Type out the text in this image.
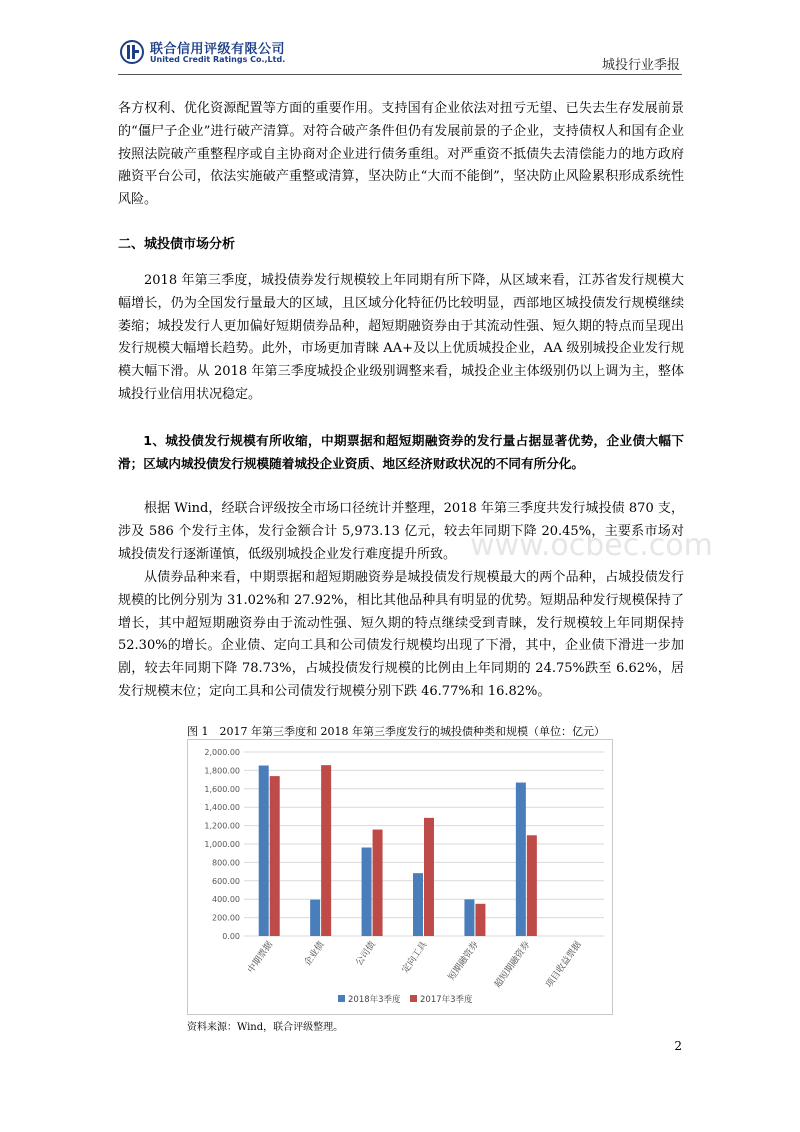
联合信用评级有限公司
United Credit Ratings Co.,Ltd.	城投行业季报
各方权利、优化资源配置等方面的重要作用。支持国有企业依法对扭亏无望、已失去生存发展前景的“僵尸子企业”进行破产清算。对符合破产条件但仍有发展前景的子企业，支持债权人和国有企业按照法院破产重整程序或自主协商对企业进行债务重组。对严重资不抵债失去清偿能力的地方政府融资平台公司，依法实施破产重整或清算，坚决防止“大而不能倒”，坚决防止风险累积形成系统性风险。
二、城投债市场分析
2018 年第三季度，城投债券发行规模较上年同期有所下降，从区域来看，江苏省发行规模大幅增长，仍为全国发行量最大的区域，且区域分化特征仍比较明显，西部地区城投债发行规模继续萎缩；城投发行人更加偏好短期债券品种，超短期融资券由于其流动性强、短久期的特点而呈现出发行规模大幅增长趋势。此外，市场更加青睐 AA+及以上优质城投企业，AA 级别城投企业发行规模大幅下滑。从 2018 年第三季度城投企业级别调整来看，城投企业主体级别仍以上调为主，整体城投行业信用状况稳定。
1、城投债发行规模有所收缩，中期票据和超短期融资券的发行量占据显著优势，企业债大幅下滑；区域内城投债发行规模随着城投企业资质、地区经济财政状况的不同有所分化。
www.ocbec.com
根据 Wind，经联合评级按全市场口径统计并整理，2018 年第三季度共发行城投债 870 支，涉及 586 个发行主体，发行金额合计 5,973.13 亿元，较去年同期下降 20.45%，主要系市场对城投债发行逐渐谨慎，低级别城投企业发行难度提升所致。
从债券品种来看，中期票据和超短期融资券是城投债发行规模最大的两个品种，占城投债发行规模的比例分别为 31.02%和 27.92%，相比其他品种具有明显的优势。短期品种发行规模保持了增长，其中超短期融资券由于流动性强、短久期的特点继续受到青睐，发行规模较上年同期保持 52.30%的增长。企业债、定向工具和公司债发行规模均出现了下滑，其中，企业债下滑进一步加剧，较去年同期下降 78.73%，占城投债发行规模的比例由上年同期的 24.75%跌至 6.62%，居发行规模末位；定向工具和公司债发行规模分别下跌 46.77%和 16.82%。
图 1　2017 年第三季度和 2018 年第三季度发行的城投债种类和规模（单位：亿元）
0.00
200.00
400.00
600.00
800.00
1,000.00
1,200.00
1,400.00
1,600.00
1,800.00
2,000.00
中期票据	企业债	公司债	定向工具 短期融资券 超短期融资券 项目收益票据
2018年3季度 2017年3季度
资料来源：Wind，联合评级整理。
2
